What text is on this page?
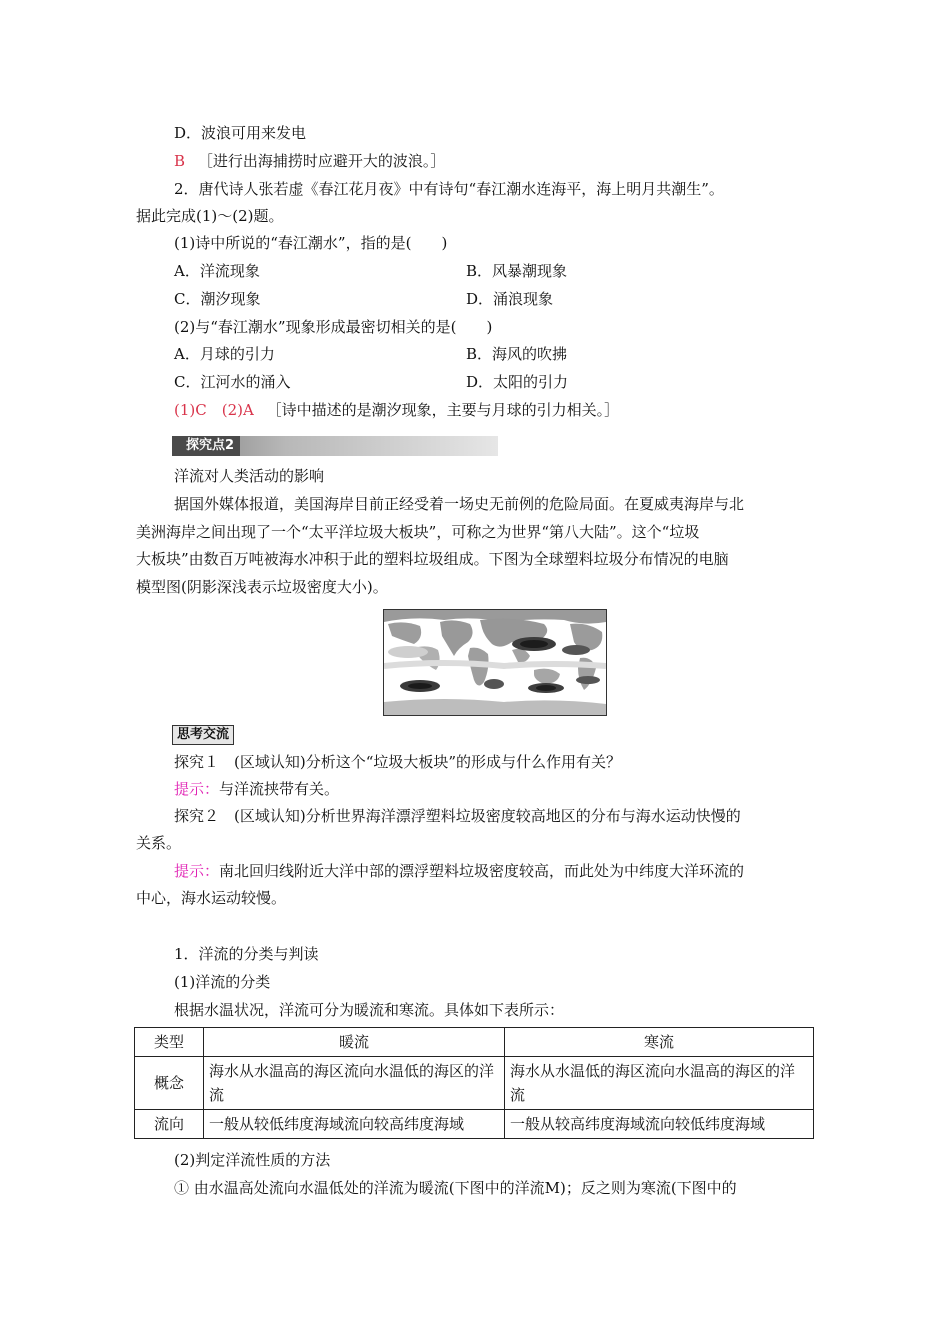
D．波浪可用来发电
B ［进行出海捕捞时应避开大的波浪。］
2．唐代诗人张若虚《春江花月夜》中有诗句“春江潮水连海平，海上明月共潮生”。
据此完成(1)～(2)题。
(1)诗中所说的“春江潮水”，指的是(　　)
A．洋流现象	B．风暴潮现象
C．潮汐现象	D．涌浪现象
(2)与“春江潮水”现象形成最密切相关的是(　　)
A．月球的引力	B．海风的吹拂
C．江河水的涌入	D．太阳的引力
(1)C　(2)A ［诗中描述的是潮汐现象，主要与月球的引力相关。］
探究点2
洋流对人类活动的影响
据国外媒体报道，美国海岸目前正经受着一场史无前例的危险局面。在夏威夷海岸与北
美洲海岸之间出现了一个“太平洋垃圾大板块”，可称之为世界“第八大陆”。这个“垃圾
大板块”由数百万吨被海水冲积于此的塑料垃圾组成。下图为全球塑料垃圾分布情况的电脑
模型图(阴影深浅表示垃圾密度大小)。
思考交流
探究１　(区域认知)分析这个“垃圾大板块”的形成与什么作用有关？
提示：与洋流挟带有关。
探究２　(区域认知)分析世界海洋漂浮塑料垃圾密度较高地区的分布与海水运动快慢的
关系。
提示：南北回归线附近大洋中部的漂浮塑料垃圾密度较高，而此处为中纬度大洋环流的
中心，海水运动较慢。
1．洋流的分类与判读
(1)洋流的分类
根据水温状况，洋流可分为暖流和寒流。具体如下表所示：
类型	暖流	寒流
概念	海水从水温高的海区流向水温低的海区的洋流	海水从水温低的海区流向水温高的海区的洋流
流向	一般从较低纬度海域流向较高纬度海域	一般从较高纬度海域流向较低纬度海域
(2)判定洋流性质的方法
① 由水温高处流向水温低处的洋流为暖流(下图中的洋流M)；反之则为寒流(下图中的
